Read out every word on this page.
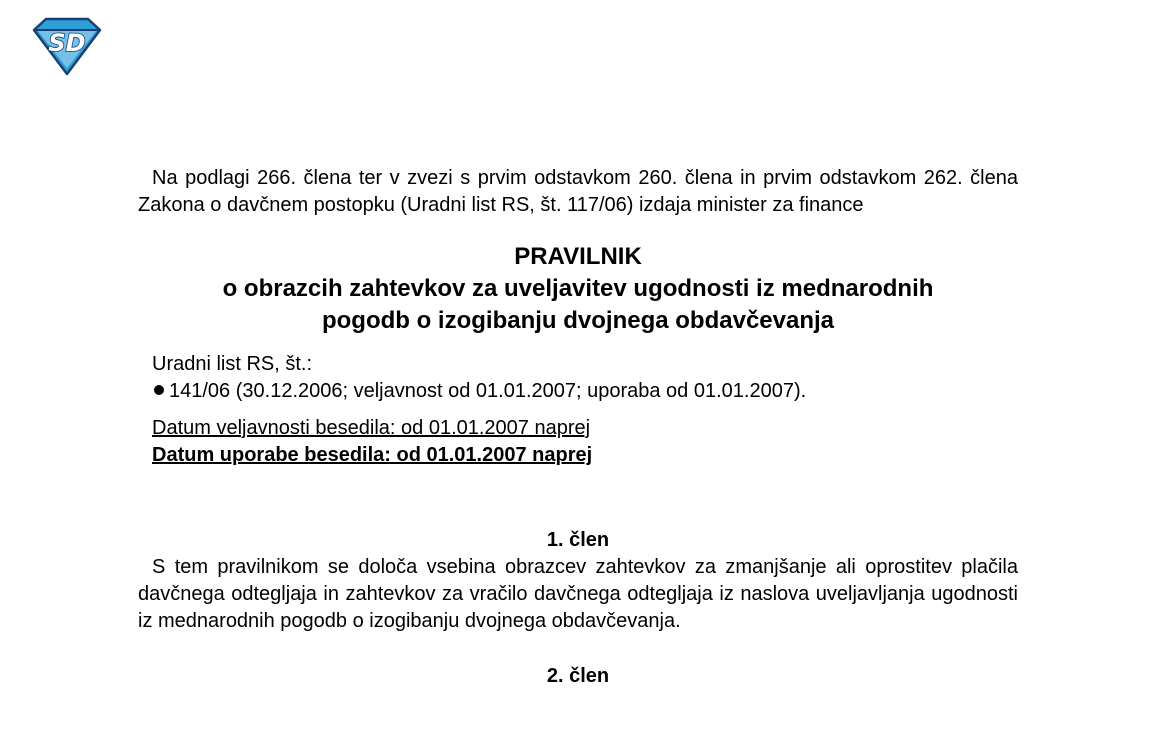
SD

Na podlagi 266. člena ter v zvezi s prvim odstavkom 260. člena in prvim odstavkom 262. člena Zakona o davčnem postopku (Uradni list RS, št. 117/06) izdaja minister za finance

PRAVILNIK

o obrazcih zahtevkov za uveljavitev ugodnosti iz mednarodnih

pogodb o izogibanju dvojnega obdavčevanja

Uradni list RS, št.:

141/06 (30.12.2006; veljavnost od 01.01.2007; uporaba od 01.01.2007).

Datum veljavnosti besedila: od 01.01.2007 naprej

Datum uporabe besedila: od 01.01.2007 naprej

1. člen

S tem pravilnikom se določa vsebina obrazcev zahtevkov za zmanjšanje ali oprostitev plačila davčnega odtegljaja in zahtevkov za vračilo davčnega odtegljaja iz naslova uveljavljanja ugodnosti iz mednarodnih pogodb o izogibanju dvojnega obdavčevanja.

2. člen
